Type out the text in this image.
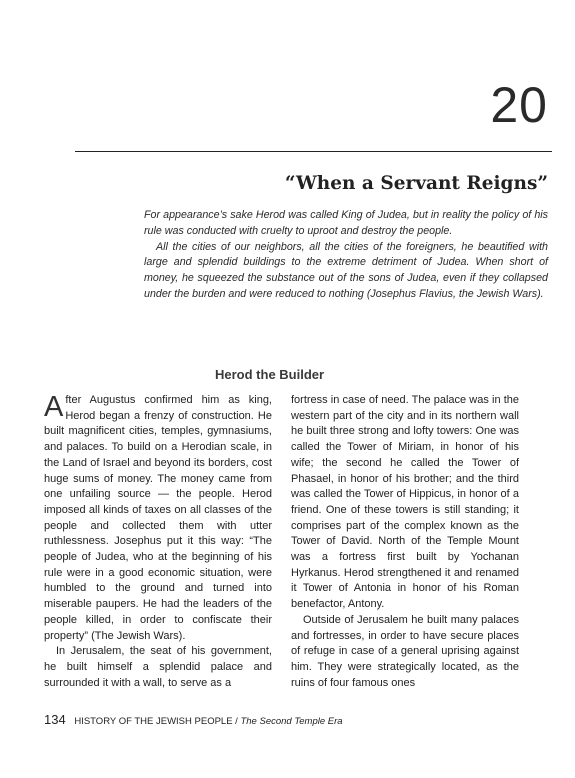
20
“When a Servant Reigns”

For appearance’s sake Herod was called King of Judea, but in reality the policy of his rule was conducted with cruelty to uproot and destroy the people.

All the cities of our neighbors, all the cities of the foreigners, he beautified with large and splendid buildings to the extreme detriment of Judea. When short of money, he squeezed the substance out of the sons of Judea, even if they collapsed under the burden and were reduced to nothing (Josephus Flavius, the Jewish Wars).

Herod the Builder

After Augustus confirmed him as king, Herod began a frenzy of construction. He built magnificent cities, temples, gymnasiums, and palaces. To build on a Herodian scale, in the Land of Israel and beyond its borders, cost huge sums of money. The money came from one unfailing source — the people. Herod imposed all kinds of taxes on all classes of the people and collected them with utter ruthlessness. Josephus put it this way: “The people of Judea, who at the beginning of his rule were in a good economic situation, were humbled to the ground and turned into miserable paupers. He had the leaders of the people killed, in order to confiscate their property” (The Jewish Wars).

In Jerusalem, the seat of his government, he built himself a splendid palace and surrounded it with a wall, to serve as a

fortress in case of need. The palace was in the western part of the city and in its northern wall he built three strong and lofty towers: One was called the Tower of Miriam, in honor of his wife; the second he called the Tower of Phasael, in honor of his brother; and the third was called the Tower of Hippicus, in honor of a friend. One of these towers is still standing; it comprises part of the complex known as the Tower of David. North of the Temple Mount was a fortress first built by Yochanan Hyrkanus. Herod strengthened it and renamed it Tower of Antonia in honor of his Roman benefactor, Antony.

Outside of Jerusalem he built many palaces and fortresses, in order to have secure places of refuge in case of a general uprising against him. They were strategically located, as the ruins of four famous ones

134 HISTORY OF THE JEWISH PEOPLE / The Second Temple Era
